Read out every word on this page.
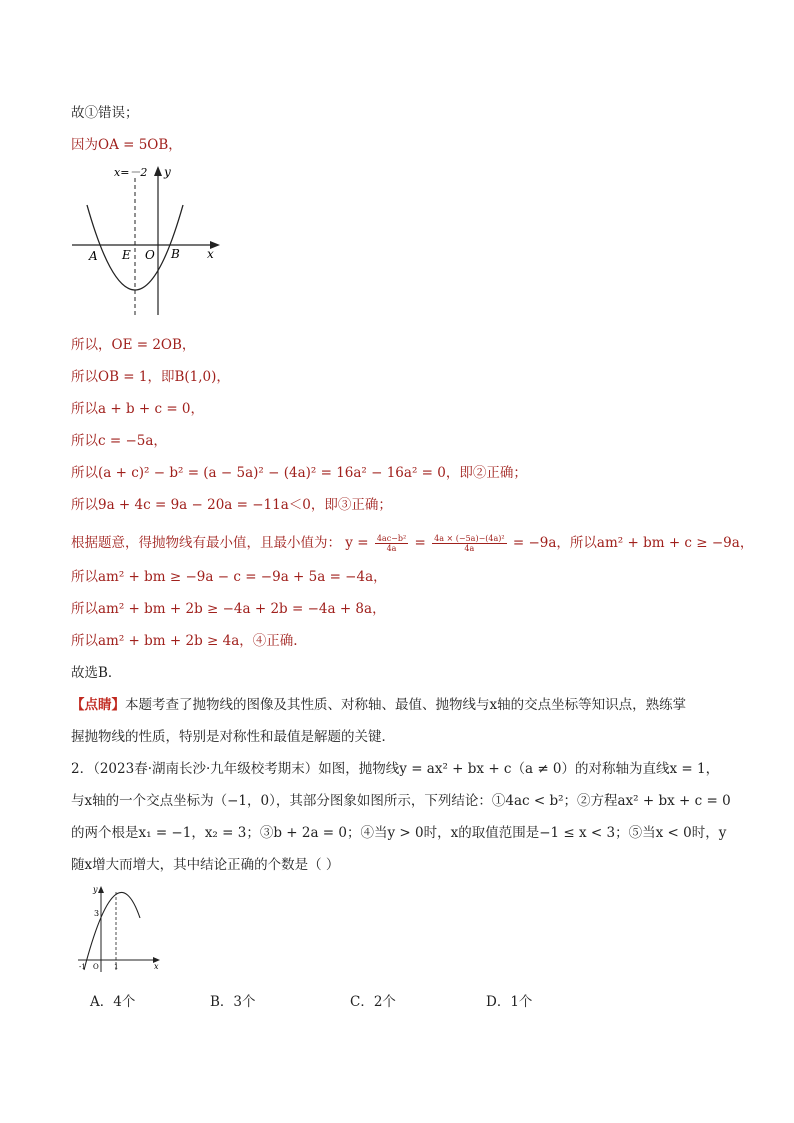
故①错误；
因为OA = 5OB，
x=－2 y
x
A E O B
所以，OE = 2OB，
所以OB = 1，即B(1,0)，
所以a + b + c = 0，
所以c = −5a，
所以(a + c)² − b² = (a − 5a)² − (4a)² = 16a² − 16a² = 0，即②正确；
所以9a + 4c = 9a − 20a = −11a＜0，即③正确；
根据题意，得抛物线有最小值，且最小值为： $y = \frac{\text{4ac−b²}}{4a} = \frac{\text{4a × (−5a)−(4a)²}}{4a} = -9a$，所以am² + bm + c ≥ −9a，
所以am² + bm ≥ −9a − c = −9a + 5a = −4a，
所以am² + bm + 2b ≥ −4a + 2b = −4a + 8a，
所以am² + bm + 2b ≥ 4a，④正确.
故选B．
【点睛】本题考查了抛物线的图像及其性质、对称轴、最值、抛物线与x轴的交点坐标等知识点，熟练掌
握抛物线的性质，特别是对称性和最值是解题的关键．
2．（2023春·湖南长沙·九年级校考期末）如图，抛物线y = ax² + bx + c（a ≠ 0）的对称轴为直线x = 1，
与x轴的一个交点坐标为（−1，0），其部分图象如图所示，下列结论：①4ac < b²；②方程ax² + bx + c = 0
的两个根是x₁ = −1，x₂ = 3；③b + 2a = 0；④当y > 0时，x的取值范围是−1 ≤ x < 3；⑤当x < 0时，y
随x增大而增大，其中结论正确的个数是（ ）
y
3
x
-1 O 1
A．4个	B．3个	C．2个	D．1个
